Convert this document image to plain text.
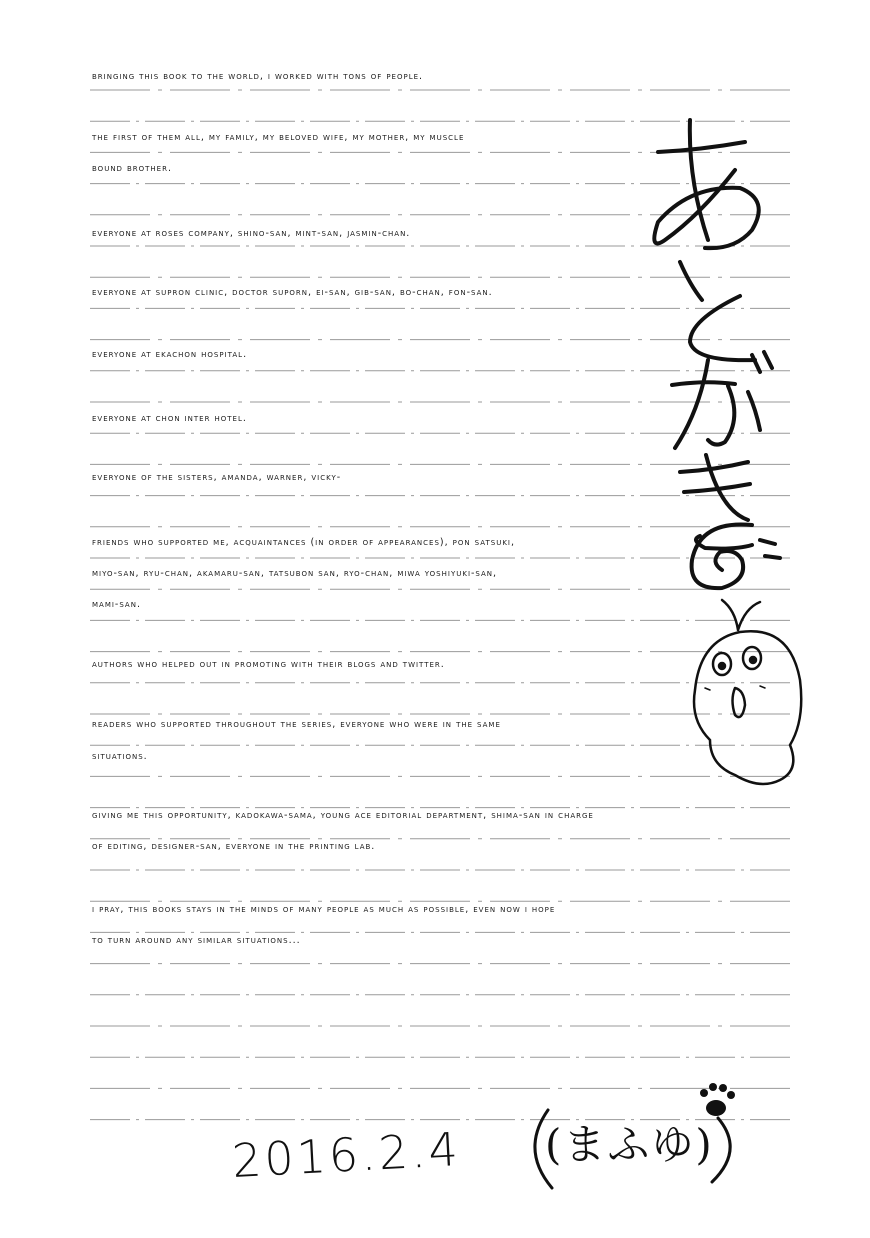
bringing this book to the world, i worked with tons of people.
the first of them all, my family, my beloved wife, my mother, my muscle
bound brother.
everyone at roses company, shino-san, mint-san, jasmin-chan.
everyone at supron clinic, doctor suporn, ei-san, gib-san, bo-chan, fon-san.
everyone at ekachon hospital.
everyone at chon inter hotel.
everyone of the sisters, amanda, warner, vicky-
friends who supported me, acquaintances (in order of appearances), pon satsuki,
miyo-san, ryu-chan, akamaru-san, tatsubon san, ryo-chan, miwa yoshiyuki-san,
mami-san.
authors who helped out in promoting with their blogs and twitter.
readers who supported throughout the series, everyone who were in the same
situations.
giving me this opportunity, kadokawa-sama, young ace editorial department, shima-san in charge
of editing, designer-san, everyone in the printing lab.
i pray, this books stays in the minds of many people as much as possible, even now i hope
to turn around any similar situations...
2016.2.4 (まふゆ)
